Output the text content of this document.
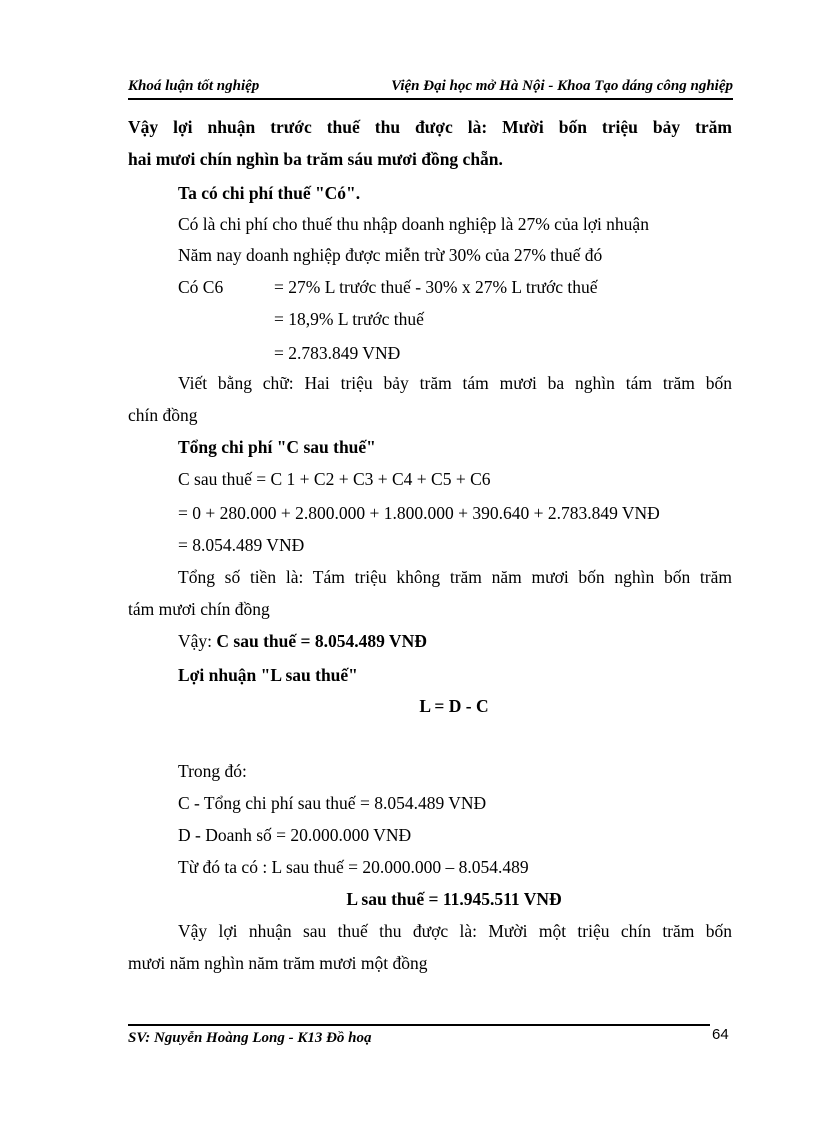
Khoá luận tốt nghiệp	Viện Đại học mở Hà Nội - Khoa Tạo dáng công nghiệp
Vậy lợi nhuận trước thuế thu được là: Mười bốn triệu bảy trăm
hai mươi chín nghìn ba trăm sáu mươi đồng chẵn.
Ta có chi phí thuế "Có".
Có là chi phí cho thuế thu nhập doanh nghiệp là 27% của lợi nhuận
Năm nay doanh nghiệp được miễn trừ 30% của 27% thuế đó
Có C6	= 27% L trước thuế - 30% x 27% L trước thuế
= 18,9% L trước thuế
= 2.783.849 VNĐ
Viết bằng chữ: Hai triệu bảy trăm tám mươi ba nghìn tám trăm bốn
chín đồng
Tổng chi phí "C sau thuế"
C sau thuế = C 1 + C2 + C3 + C4 + C5 + C6
= 0 + 280.000 + 2.800.000 + 1.800.000 + 390.640 + 2.783.849 VNĐ
= 8.054.489 VNĐ
Tổng số tiền là: Tám triệu không trăm năm mươi bốn nghìn bốn trăm
tám mươi chín đồng
Vậy: C sau thuế = 8.054.489 VNĐ
Lợi nhuận "L sau thuế"
L = D - C
Trong đó:
C - Tổng chi phí sau thuế = 8.054.489 VNĐ
D - Doanh số = 20.000.000 VNĐ
Từ đó ta có : L sau thuế = 20.000.000 – 8.054.489
L sau thuế = 11.945.511 VNĐ
Vậy lợi nhuận sau thuế thu được là: Mười một triệu chín trăm bốn
mươi năm nghìn năm trăm mươi một đồng
SV: Nguyễn Hoàng Long - K13 Đồ hoạ	64
